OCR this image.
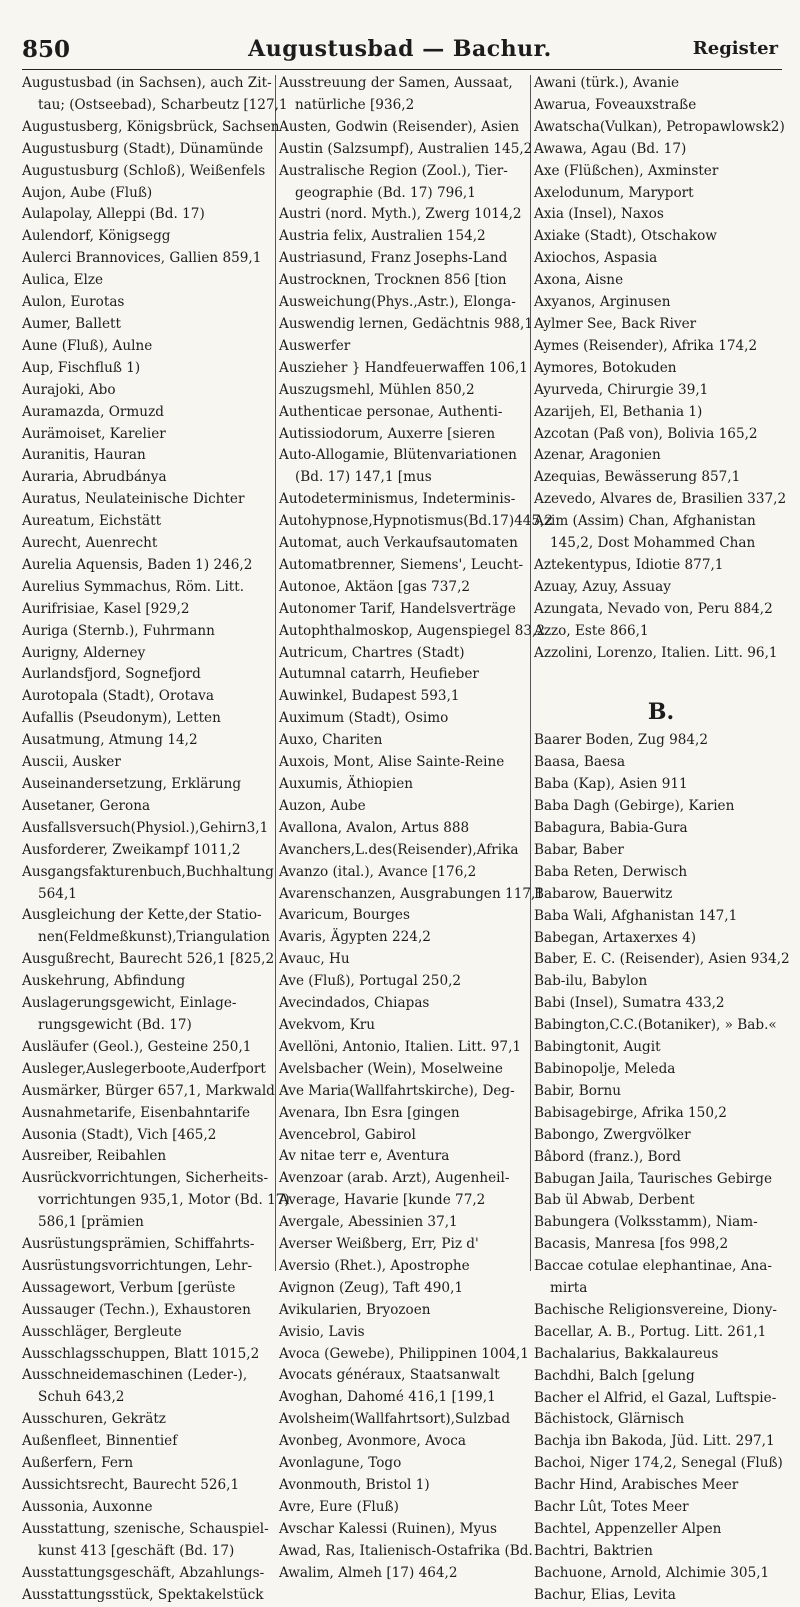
850	Augustusbad — Bachur.	Register
Augustusbad (in Sachsen), auch Zit-
tau; (Ostseebad), Scharbeutz [127,1
Augustusberg, Königsbrück, Sachsen
Augustusburg (Stadt), Dünamünde
Augustusburg (Schloß), Weißenfels
Aujon, Aube (Fluß)
Aulapolay, Alleppi (Bd. 17)
Aulendorf, Königsegg
Aulerci Brannovices, Gallien 859,1
Aulica, Elze
Aulon, Eurotas
Aumer, Ballett
Aune (Fluß), Aulne
Aup, Fischfluß 1)
Aurajoki, Abo
Auramazda, Ormuzd
Aurämoiset, Karelier
Auranitis, Hauran
Auraria, Abrudbánya
Auratus, Neulateinische Dichter
Aureatum, Eichstätt
Aurecht, Auenrecht
Aurelia Aquensis, Baden 1) 246,2
Aurelius Symmachus, Röm. Litt.
Aurifrisiae, Kasel [929,2
Auriga (Sternb.), Fuhrmann
Aurigny, Alderney
Aurlandsfjord, Sognefjord
Aurotopala (Stadt), Orotava
Aufallis (Pseudonym), Letten
Ausatmung, Atmung 14,2
Auscii, Ausker
Auseinandersetzung, Erklärung
Ausetaner, Gerona
Ausfallsversuch(Physiol.),Gehirn3,1
Ausforderer, Zweikampf 1011,2
Ausgangsfakturenbuch,Buchhaltung
564,1
Ausgleichung der Kette,der Statio-
nen(Feldmeßkunst),Triangulation
Ausgußrecht, Baurecht 526,1 [825,2
Auskehrung, Abfindung
Auslagerungsgewicht, Einlage-
rungsgewicht (Bd. 17)
Ausläufer (Geol.), Gesteine 250,1
Ausleger,Auslegerboote,Auderfport
Ausmärker, Bürger 657,1, Markwald
Ausnahmetarife, Eisenbahntarife
Ausonia (Stadt), Vich [465,2
Ausreiber, Reibahlen
Ausrückvorrichtungen, Sicherheits-
vorrichtungen 935,1, Motor (Bd. 17)
586,1 [prämien
Ausrüstungsprämien, Schiffahrts-
Ausrüstungsvorrichtungen, Lehr-
Aussagewort, Verbum [gerüste
Aussauger (Techn.), Exhaustoren
Ausschläger, Bergleute
Ausschlagsschuppen, Blatt 1015,2
Ausschneidemaschinen (Leder-),
Schuh 643,2
Ausschuren, Gekrätz
Außenfleet, Binnentief
Außerfern, Fern
Aussichtsrecht, Baurecht 526,1
Aussonia, Auxonne
Ausstattung, szenische, Schauspiel-
kunst 413 [geschäft (Bd. 17)
Ausstattungsgeschäft, Abzahlungs-
Ausstattungsstück, Spektakelstück
Ausstreuung der Samen, Aussaat,
natürliche [936,2
Austen, Godwin (Reisender), Asien
Austin (Salzsumpf), Australien 145,2
Australische Region (Zool.), Tier-
geographie (Bd. 17) 796,1
Austri (nord. Myth.), Zwerg 1014,2
Austria felix, Australien 154,2
Austriasund, Franz Josephs-Land
Austrocknen, Trocknen 856 [tion
Ausweichung(Phys.,Astr.), Elonga-
Auswendig lernen, Gedächtnis 988,1
Auswerfer
Auszieher } Handfeuerwaffen 106,1
Auszugsmehl, Mühlen 850,2
Authenticae personae, Authenti-
Autissiodorum, Auxerre [sieren
Auto-Allogamie, Blütenvariationen
(Bd. 17) 147,1 [mus
Autodeterminismus, Indeterminis-
Autohypnose,Hypnotismus(Bd.17)445,2
Automat, auch Verkaufsautomaten
Automatbrenner, Siemens', Leucht-
Autonoe, Aktäon [gas 737,2
Autonomer Tarif, Handelsverträge
Autophthalmoskop, Augenspiegel 83,2
Autricum, Chartres (Stadt)
Autumnal catarrh, Heufieber
Auwinkel, Budapest 593,1
Auximum (Stadt), Osimo
Auxo, Chariten
Auxois, Mont, Alise Sainte-Reine
Auxumis, Äthiopien
Auzon, Aube
Avallona, Avalon, Artus 888
Avanchers,L.des(Reisender),Afrika
Avanzo (ital.), Avance [176,2
Avarenschanzen, Ausgrabungen 117,1
Avaricum, Bourges
Avaris, Ägypten 224,2
Avauc, Hu
Ave (Fluß), Portugal 250,2
Avecindados, Chiapas
Avekvom, Kru
Avellöni, Antonio, Italien. Litt. 97,1
Avelsbacher (Wein), Moselweine
Ave Maria(Wallfahrtskirche), Deg-
Avenara, Ibn Esra [gingen
Avencebrol, Gabirol
Av nitae terr e, Aventura
Avenzoar (arab. Arzt), Augenheil-
Average, Havarie [kunde 77,2
Avergale, Abessinien 37,1
Averser Weißberg, Err, Piz d'
Aversio (Rhet.), Apostrophe
Avignon (Zeug), Taft 490,1
Avikularien, Bryozoen
Avisio, Lavis
Avoca (Gewebe), Philippinen 1004,1
Avocats généraux, Staatsanwalt
Avoghan, Dahomé 416,1 [199,1
Avolsheim(Wallfahrtsort),Sulzbad
Avonbeg, Avonmore, Avoca
Avonlagune, Togo
Avonmouth, Bristol 1)
Avre, Eure (Fluß)
Avschar Kalessi (Ruinen), Myus
Awad, Ras, Italienisch-Ostafrika (Bd.
Awalim, Almeh [17) 464,2
Awani (türk.), Avanie
Awarua, Foveauxstraße
Awatscha(Vulkan), Petropawlowsk2)
Awawa, Agau (Bd. 17)
Axe (Flüßchen), Axminster
Axelodunum, Maryport
Axia (Insel), Naxos
Axiake (Stadt), Otschakow
Axiochos, Aspasia
Axona, Aisne
Axyanos, Arginusen
Aylmer See, Back River
Aymes (Reisender), Afrika 174,2
Aymores, Botokuden
Ayurveda, Chirurgie 39,1
Azarijeh, El, Bethania 1)
Azcotan (Paß von), Bolivia 165,2
Azenar, Aragonien
Azequias, Bewässerung 857,1
Azevedo, Alvares de, Brasilien 337,2
Azim (Assim) Chan, Afghanistan
145,2, Dost Mohammed Chan
Aztekentypus, Idiotie 877,1
Azuay, Azuy, Assuay
Azungata, Nevado von, Peru 884,2
Azzo, Este 866,1
Azzolini, Lorenzo, Italien. Litt. 96,1

B.
Baarer Boden, Zug 984,2
Baasa, Baesa
Baba (Kap), Asien 911
Baba Dagh (Gebirge), Karien
Babagura, Babia-Gura
Babar, Baber
Baba Reten, Derwisch
Babarow, Bauerwitz
Baba Wali, Afghanistan 147,1
Babegan, Artaxerxes 4)
Baber, E. C. (Reisender), Asien 934,2
Bab-ilu, Babylon
Babi (Insel), Sumatra 433,2
Babington,C.C.(Botaniker), » Bab.«
Babingtonit, Augit
Babinopolje, Meleda
Babir, Bornu
Babisagebirge, Afrika 150,2
Babongo, Zwergvölker
Bâbord (franz.), Bord
Babugan Jaila, Taurisches Gebirge
Bab ül Abwab, Derbent
Babungera (Volksstamm), Niam-
Bacasis, Manresa [fos 998,2
Baccae cotulae elephantinae, Ana-
mirta
Bachische Religionsvereine, Diony-
Bacellar, A. B., Portug. Litt. 261,1
Bachalarius, Bakkalaureus
Bachdhi, Balch [gelung
Bacher el Alfrid, el Gazal, Luftspie-
Bächistock, Glärnisch
Bachja ibn Bakoda, Jüd. Litt. 297,1
Bachoi, Niger 174,2, Senegal (Fluß)
Bachr Hind, Arabisches Meer
Bachr Lût, Totes Meer
Bachtel, Appenzeller Alpen
Bachtri, Baktrien
Bachuone, Arnold, Alchimie 305,1
Bachur, Elias, Levita
